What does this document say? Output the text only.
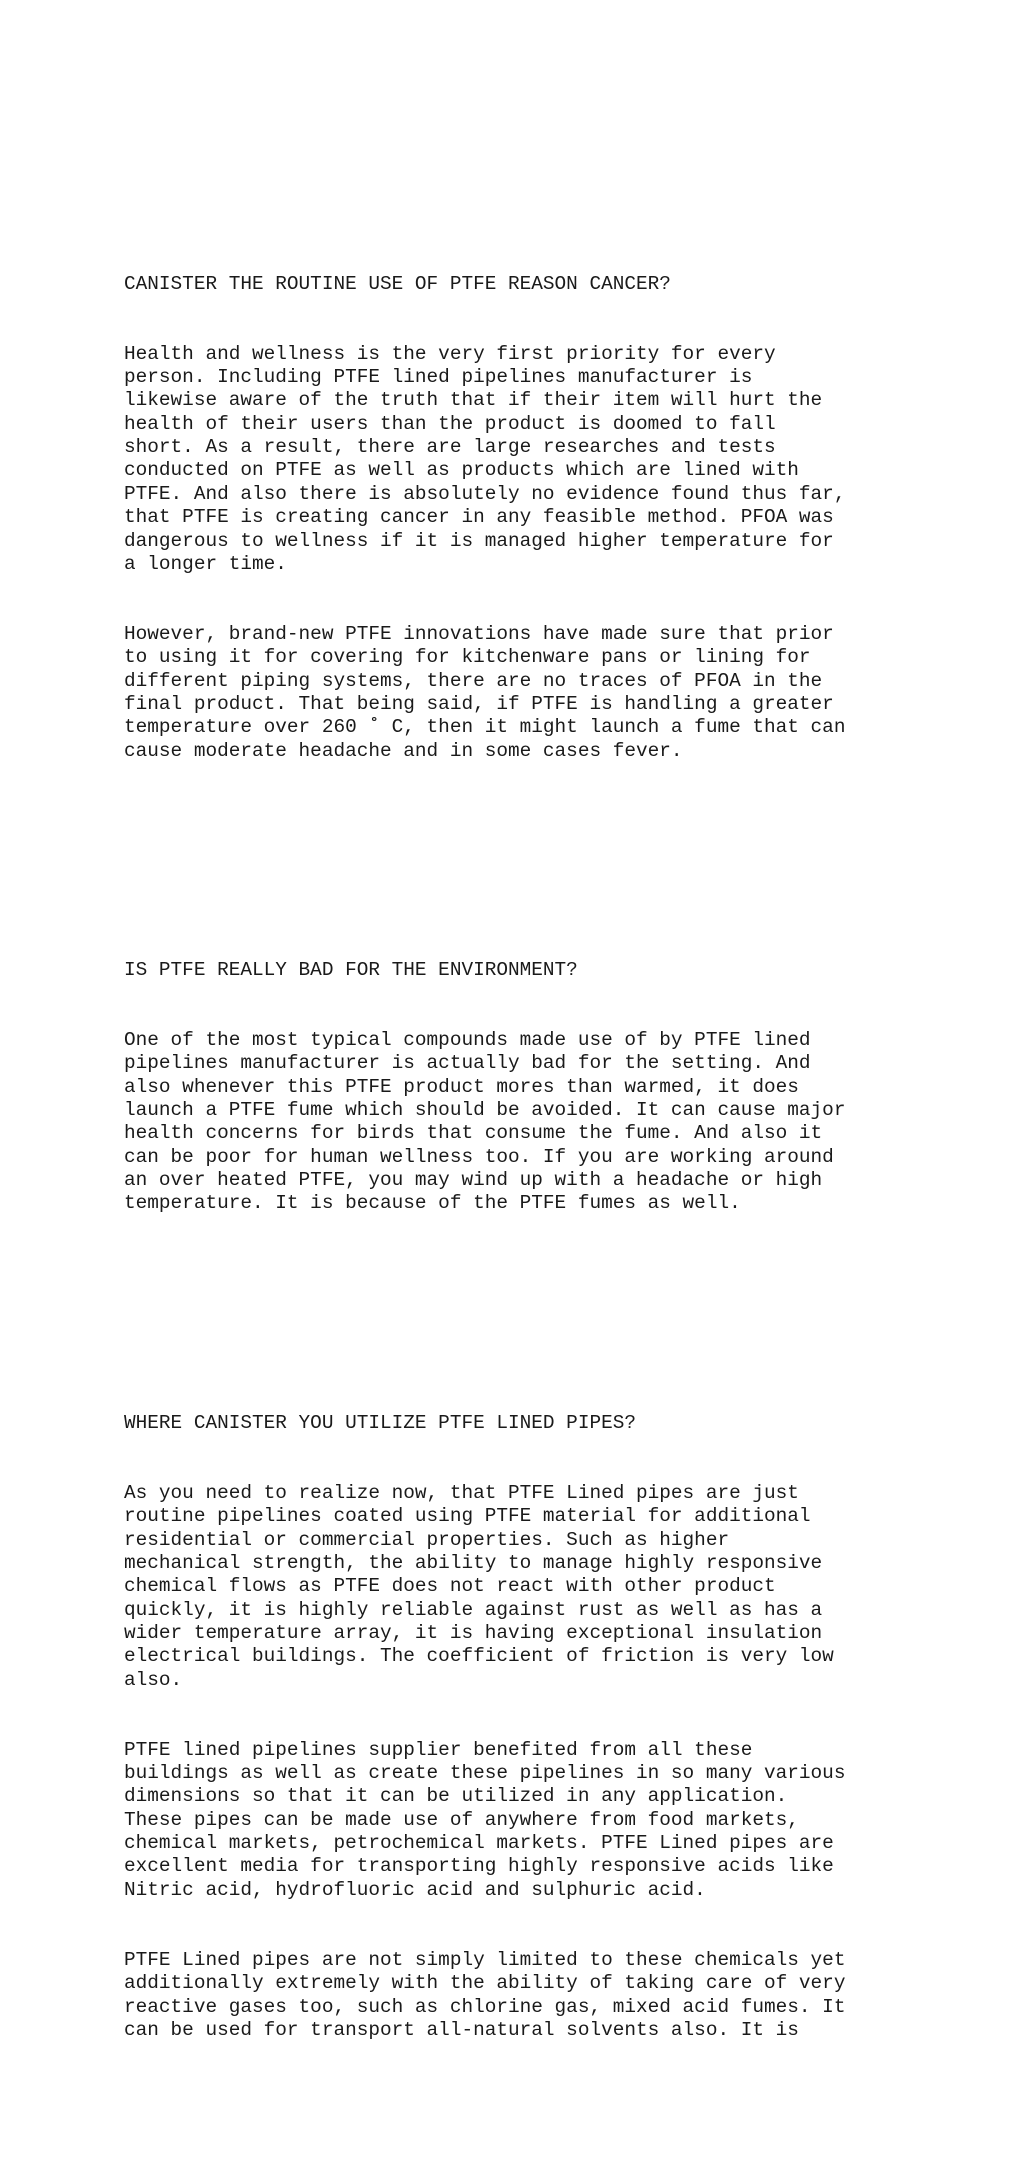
CANISTER THE ROUTINE USE OF PTFE REASON CANCER?

Health and wellness is the very first priority for every
person. Including PTFE lined pipelines manufacturer is
likewise aware of the truth that if their item will hurt the
health of their users than the product is doomed to fall
short. As a result, there are large researches and tests
conducted on PTFE as well as products which are lined with
PTFE. And also there is absolutely no evidence found thus far,
that PTFE is creating cancer in any feasible method. PFOA was
dangerous to wellness if it is managed higher temperature for
a longer time.

However, brand-new PTFE innovations have made sure that prior
to using it for covering for kitchenware pans or lining for
different piping systems, there are no traces of PFOA in the
final product. That being said, if PTFE is handling a greater
temperature over 260 ˚ C, then it might launch a fume that can
cause moderate headache and in some cases fever.

IS PTFE REALLY BAD FOR THE ENVIRONMENT?

One of the most typical compounds made use of by PTFE lined
pipelines manufacturer is actually bad for the setting. And
also whenever this PTFE product mores than warmed, it does
launch a PTFE fume which should be avoided. It can cause major
health concerns for birds that consume the fume. And also it
can be poor for human wellness too. If you are working around
an over heated PTFE, you may wind up with a headache or high
temperature. It is because of the PTFE fumes as well.

WHERE CANISTER YOU UTILIZE PTFE LINED PIPES?

As you need to realize now, that PTFE Lined pipes are just
routine pipelines coated using PTFE material for additional
residential or commercial properties. Such as higher
mechanical strength, the ability to manage highly responsive
chemical flows as PTFE does not react with other product
quickly, it is highly reliable against rust as well as has a
wider temperature array, it is having exceptional insulation
electrical buildings. The coefficient of friction is very low
also.

PTFE lined pipelines supplier benefited from all these
buildings as well as create these pipelines in so many various
dimensions so that it can be utilized in any application.
These pipes can be made use of anywhere from food markets,
chemical markets, petrochemical markets. PTFE Lined pipes are
excellent media for transporting highly responsive acids like
Nitric acid, hydrofluoric acid and sulphuric acid.

PTFE Lined pipes are not simply limited to these chemicals yet
additionally extremely with the ability of taking care of very
reactive gases too, such as chlorine gas, mixed acid fumes. It
can be used for transport all-natural solvents also. It is
